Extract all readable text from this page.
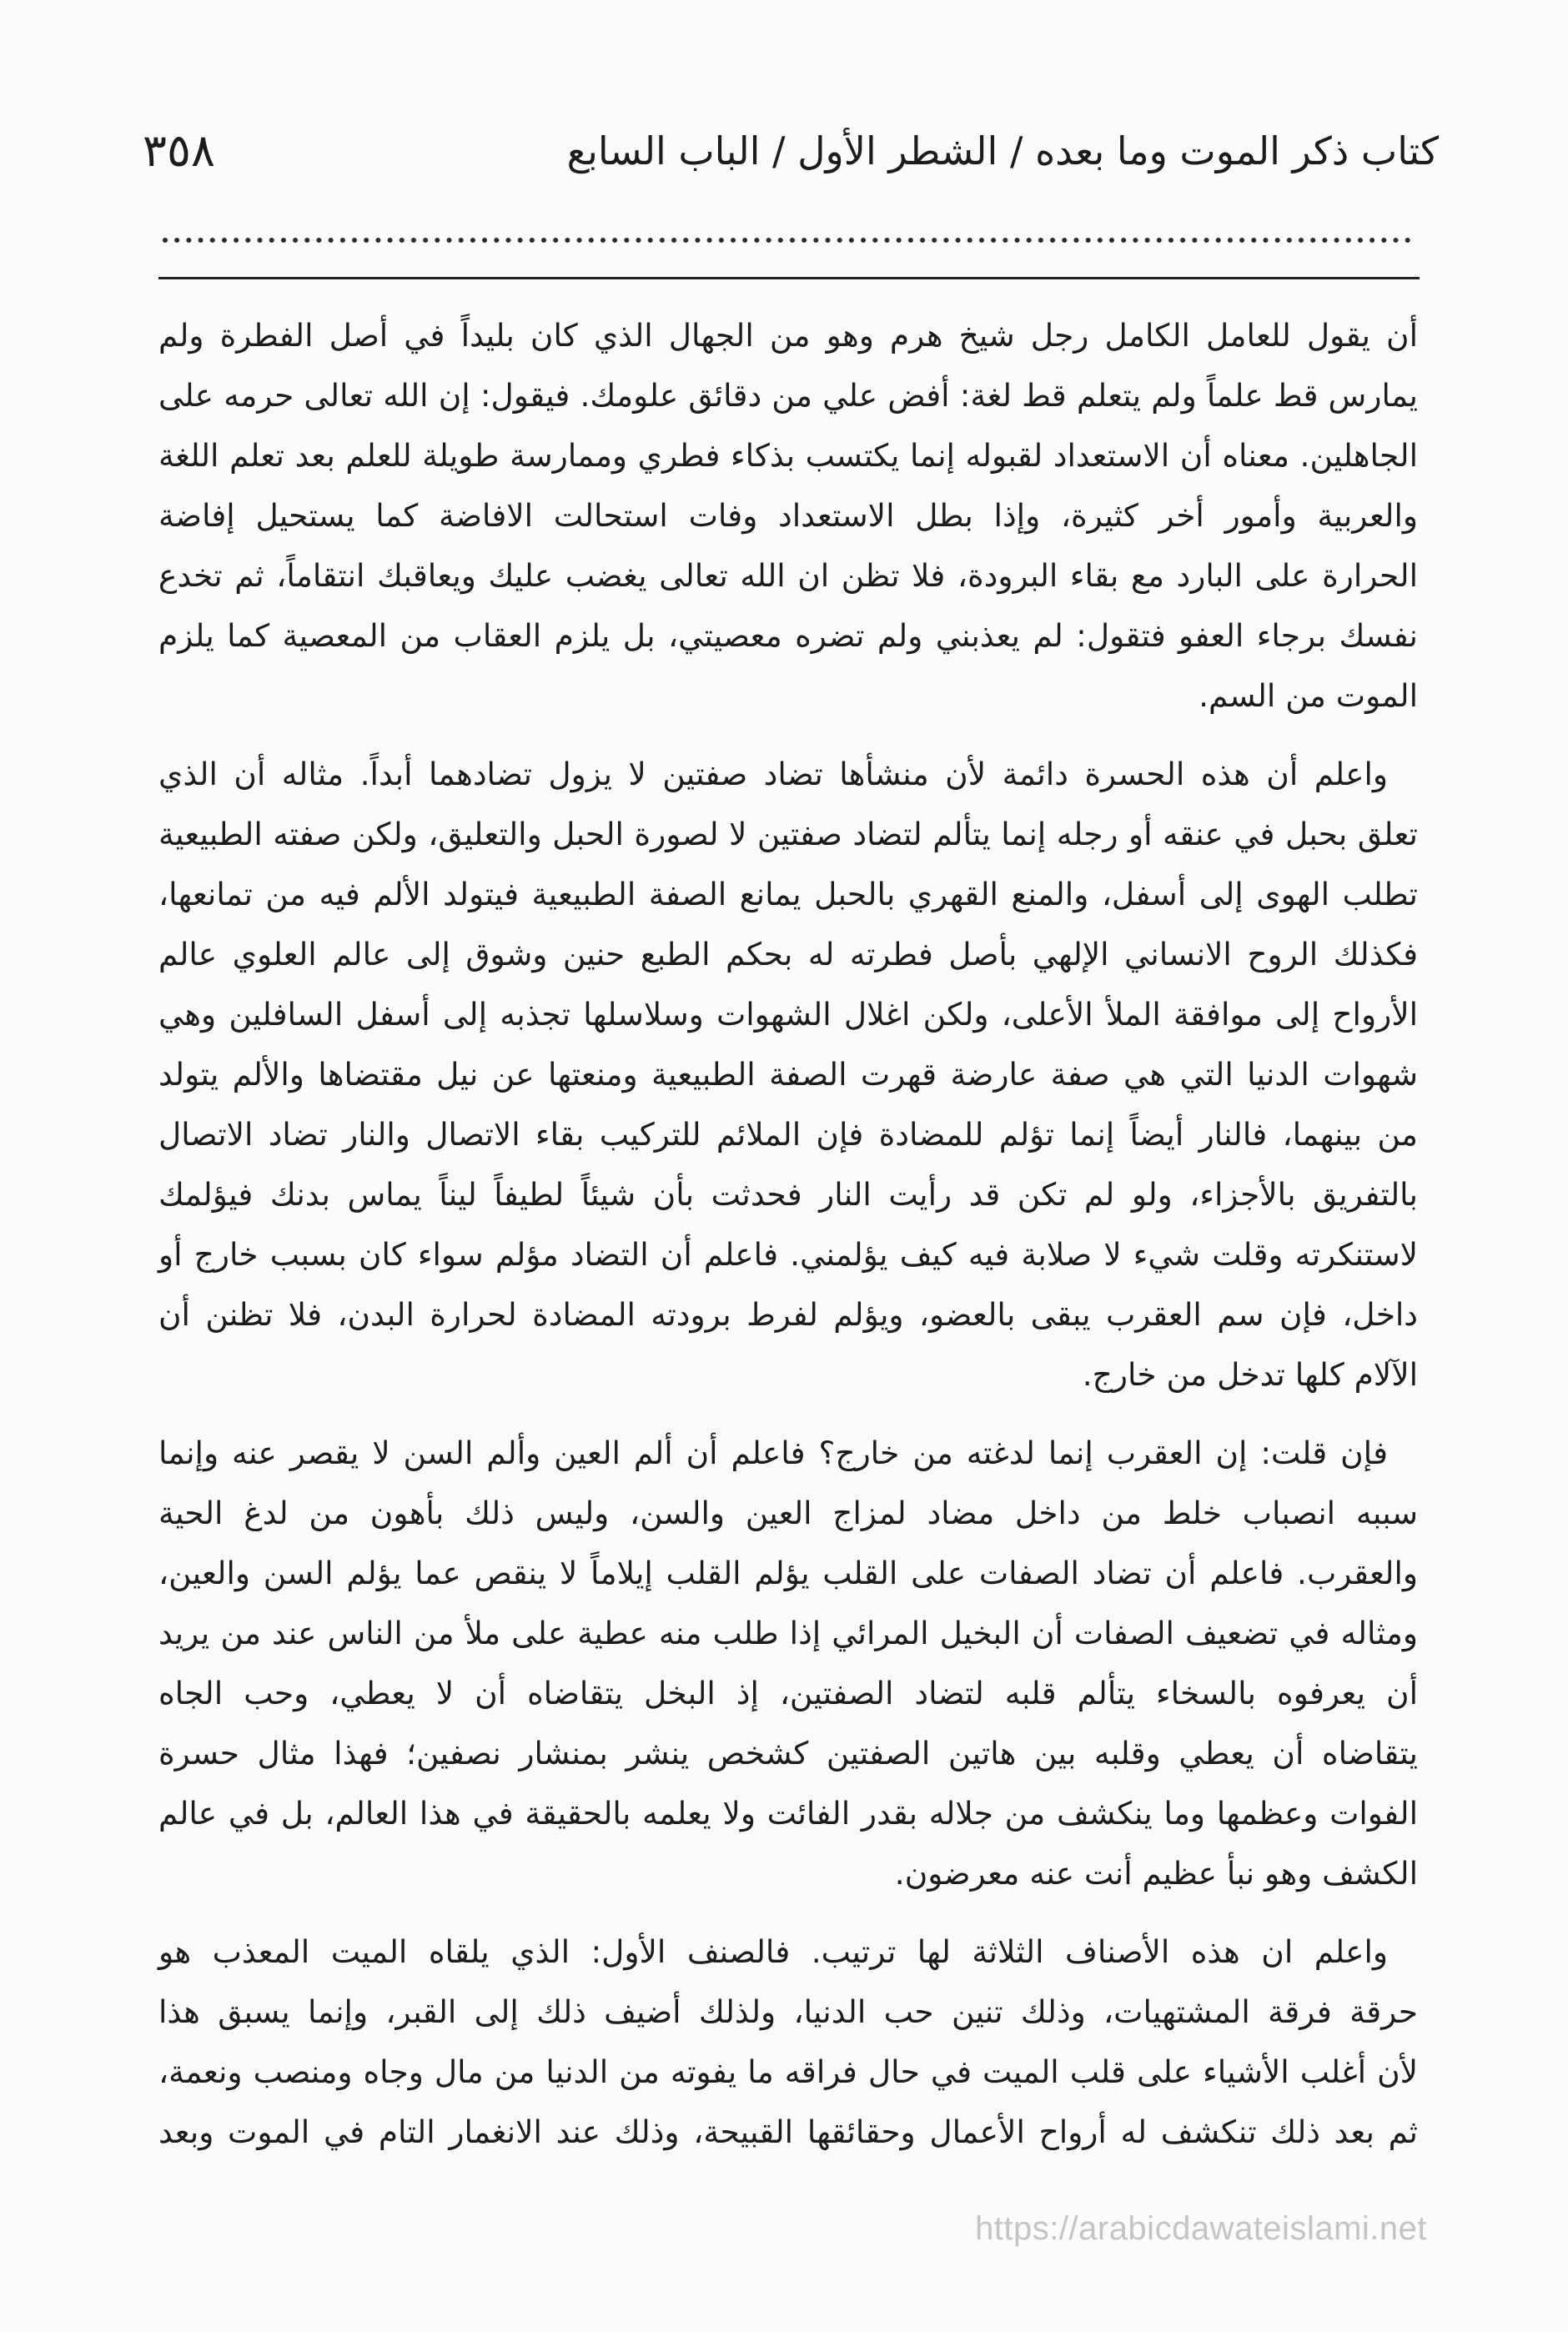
٣٥٨	كتاب ذكر الموت وما بعده / الشطر الأول / الباب السابع
أن يقول للعامل الكامل رجل شيخ هرم وهو من الجهال الذي كان بليداً في أصل الفطرة ولم
يمارس قط علماً ولم يتعلم قط لغة: أفض علي من دقائق علومك. فيقول: إن الله تعالى حرمه على
الجاهلين. معناه أن الاستعداد لقبوله إنما يكتسب بذكاء فطري وممارسة طويلة للعلم بعد تعلم اللغة
والعربية وأمور أخر كثيرة، وإذا بطل الاستعداد وفات استحالت الافاضة كما يستحيل إفاضة
الحرارة على البارد مع بقاء البرودة، فلا تظن ان الله تعالى يغضب عليك ويعاقبك انتقاماً، ثم تخدع
نفسك برجاء العفو فتقول: لم يعذبني ولم تضره معصيتي، بل يلزم العقاب من المعصية كما يلزم
الموت من السم.
واعلم أن هذه الحسرة دائمة لأن منشأها تضاد صفتين لا يزول تضادهما أبداً. مثاله أن الذي
تعلق بحبل في عنقه أو رجله إنما يتألم لتضاد صفتين لا لصورة الحبل والتعليق، ولكن صفته الطبيعية
تطلب الهوى إلى أسفل، والمنع القهري بالحبل يمانع الصفة الطبيعية فيتولد الألم فيه من تمانعها،
فكذلك الروح الانساني الإلهي بأصل فطرته له بحكم الطبع حنين وشوق إلى عالم العلوي عالم
الأرواح إلى موافقة الملأ الأعلى، ولكن اغلال الشهوات وسلاسلها تجذبه إلى أسفل السافلين وهي
شهوات الدنيا التي هي صفة عارضة قهرت الصفة الطبيعية ومنعتها عن نيل مقتضاها والألم يتولد
من بينهما، فالنار أيضاً إنما تؤلم للمضادة فإن الملائم للتركيب بقاء الاتصال والنار تضاد الاتصال
بالتفريق بالأجزاء، ولو لم تكن قد رأيت النار فحدثت بأن شيئاً لطيفاً ليناً يماس بدنك فيؤلمك
لاستنكرته وقلت شيء لا صلابة فيه كيف يؤلمني. فاعلم أن التضاد مؤلم سواء كان بسبب خارج أو
داخل، فإن سم العقرب يبقى بالعضو، ويؤلم لفرط برودته المضادة لحرارة البدن، فلا تظنن أن
الآلام كلها تدخل من خارج.
فإن قلت: إن العقرب إنما لدغته من خارج؟ فاعلم أن ألم العين وألم السن لا يقصر عنه وإنما
سببه انصباب خلط من داخل مضاد لمزاج العين والسن، وليس ذلك بأهون من لدغ الحية
والعقرب. فاعلم أن تضاد الصفات على القلب يؤلم القلب إيلاماً لا ينقص عما يؤلم السن والعين،
ومثاله في تضعيف الصفات أن البخيل المرائي إذا طلب منه عطية على ملأ من الناس عند من يريد
أن يعرفوه بالسخاء يتألم قلبه لتضاد الصفتين، إذ البخل يتقاضاه أن لا يعطي، وحب الجاه
يتقاضاه أن يعطي وقلبه بين هاتين الصفتين كشخص ينشر بمنشار نصفين؛ فهذا مثال حسرة
الفوات وعظمها وما ينكشف من جلاله بقدر الفائت ولا يعلمه بالحقيقة في هذا العالم، بل في عالم
الكشف وهو نبأ عظيم أنت عنه معرضون.
واعلم ان هذه الأصناف الثلاثة لها ترتيب. فالصنف الأول: الذي يلقاه الميت المعذب هو
حرقة فرقة المشتهيات، وذلك تنين حب الدنيا، ولذلك أضيف ذلك إلى القبر، وإنما يسبق هذا
لأن أغلب الأشياء على قلب الميت في حال فراقه ما يفوته من الدنيا من مال وجاه ومنصب ونعمة،
ثم بعد ذلك تنكشف له أرواح الأعمال وحقائقها القبيحة، وذلك عند الانغمار التام في الموت وبعد
https://arabicdawateislami.net
